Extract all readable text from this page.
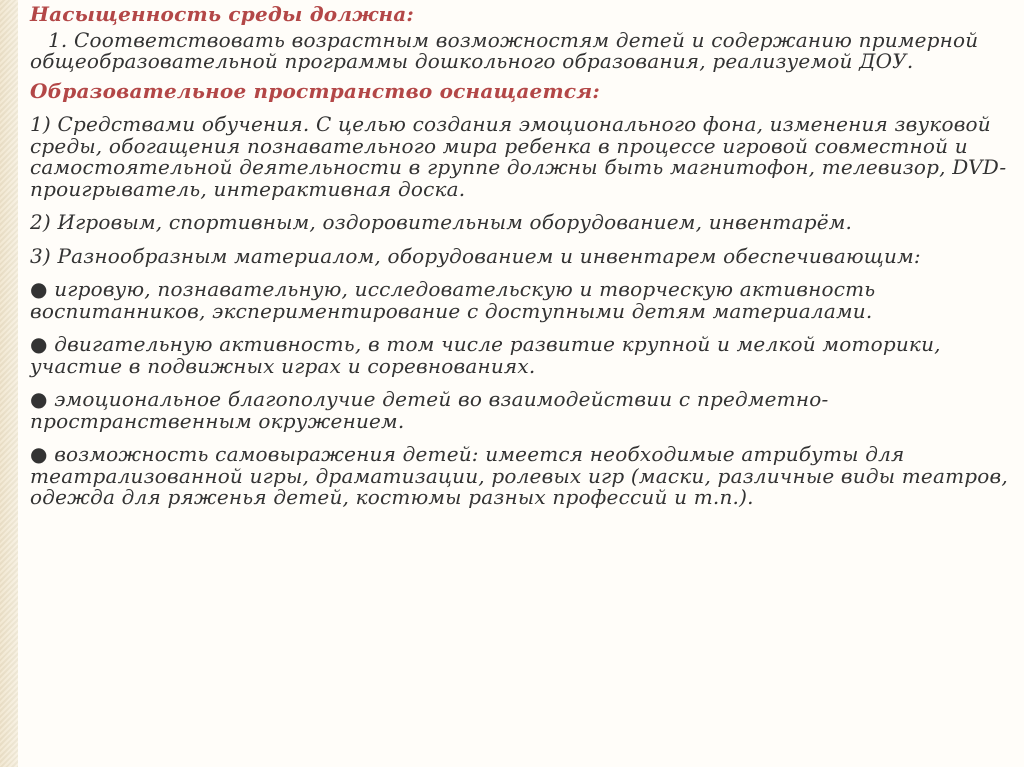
Насыщенность среды должна:

1. Соответствовать возрастным возможностям детей и содержанию примерной общеобразовательной программы дошкольного образования, реализуемой ДОУ.

Образовательное пространство оснащается:

1) Средствами обучения. С целью создания эмоционального фона, изменения звуковой среды, обогащения познавательного мира ребенка в процессе игровой совместной и самостоятельной деятельности в группе должны быть магнитофон, телевизор, DVD-проигрыватель, интерактивная доска.

2) Игровым, спортивным, оздоровительным оборудованием, инвентарём.

3) Разнообразным материалом, оборудованием и инвентарем обеспечивающим:

● игровую, познавательную, исследовательскую и творческую активность воспитанников, экспериментирование с доступными детям материалами.

● двигательную активность, в том числе развитие крупной и мелкой моторики, участие в подвижных играх и соревнованиях.

● эмоциональное благополучие детей во взаимодействии с предметно-пространственным окружением.

● возможность самовыражения детей: имеется необходимые атрибуты для театрализованной игры, драматизации, ролевых игр (маски, различные виды театров, одежда для ряженья детей, костюмы разных профессий и т.п.).
